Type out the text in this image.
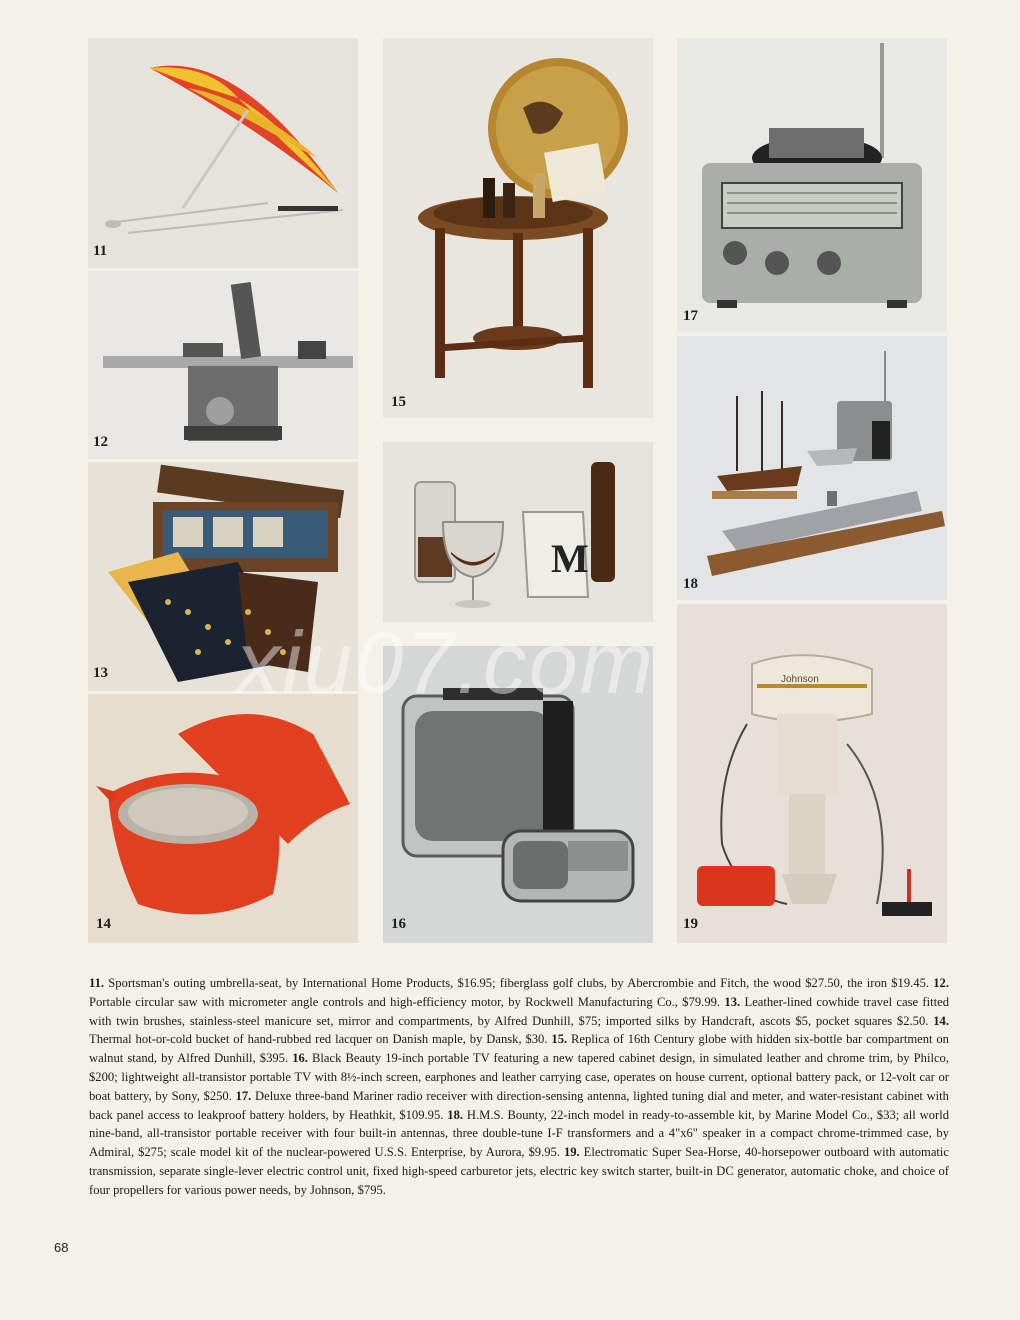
11
12
13
14
15
M
16
17
18
Johnson
19
xiu07.com
11. Sportsman's outing umbrella-seat, by International Home Products, $16.95; fiberglass golf clubs, by Abercrombie and Fitch, the wood $27.50, the iron $19.45. 12. Portable circular saw with micrometer angle controls and high-efficiency motor, by Rockwell Manufacturing Co., $79.99. 13. Leather-lined cowhide travel case fitted with twin brushes, stainless-steel manicure set, mirror and compartments, by Alfred Dunhill, $75; imported silks by Handcraft, ascots $5, pocket squares $2.50. 14. Thermal hot-or-cold bucket of hand-rubbed red lacquer on Danish maple, by Dansk, $30. 15. Replica of 16th Century globe with hidden six-bottle bar compartment on walnut stand, by Alfred Dunhill, $395. 16. Black Beauty 19-inch portable TV featuring a new tapered cabinet design, in simulated leather and chrome trim, by Philco, $200; lightweight all-transistor portable TV with 8½-inch screen, earphones and leather carrying case, operates on house current, optional battery pack, or 12-volt car or boat battery, by Sony, $250. 17. Deluxe three-band Mariner radio receiver with direction-sensing antenna, lighted tuning dial and meter, and water-resistant cabinet with back panel access to leakproof battery holders, by Heathkit, $109.95. 18. H.M.S. Bounty, 22-inch model in ready-to-assemble kit, by Marine Model Co., $33; all world nine-band, all-transistor portable receiver with four built-in antennas, three double-tune I-F transformers and a 4"x6" speaker in a compact chrome-trimmed case, by Admiral, $275; scale model kit of the nuclear-powered U.S.S. Enterprise, by Aurora, $9.95. 19. Electromatic Super Sea-Horse, 40-horsepower outboard with automatic transmission, separate single-lever electric control unit, fixed high-speed carburetor jets, electric key switch starter, built-in DC generator, automatic choke, and choice of four propellers for various power needs, by Johnson, $795.
68
